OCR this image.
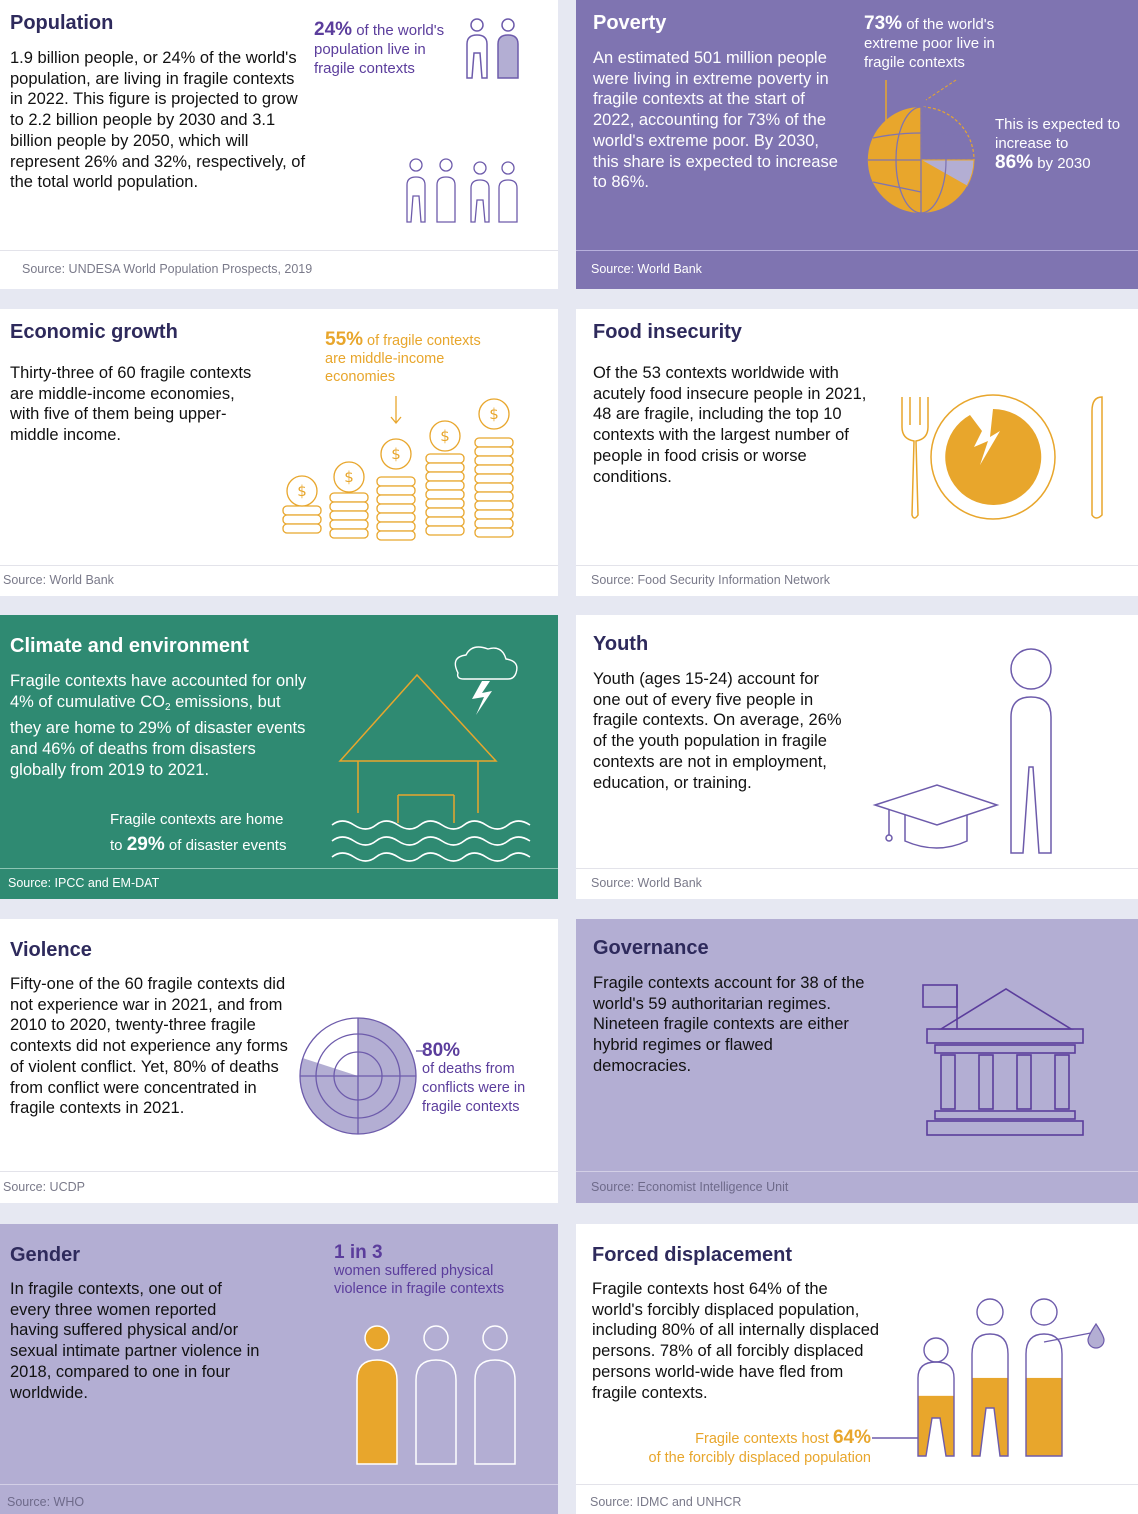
Population
1.9 billion people, or 24% of the world's population, are living in fragile contexts in 2022. This figure is projected to grow to 2.2 billion people by 2030 and 3.1 billion people by 2050, which will represent 26% and 32%, respectively, of the total world population.
24% of the world's population live in fragile contexts
Source: UNDESA World Population Prospects, 2019
Poverty
An estimated 501 million people were living in extreme poverty in fragile contexts at the start of 2022, accounting for 73% of the world's extreme poor. By 2030, this share is expected to increase to 86%.
73% of the world's extreme poor live in fragile contexts
This is expected to increase to
86% by 2030
Source: World Bank
Economic growth
Thirty-three of 60 fragile contexts are middle-income economies, with five of them being upper-middle income.
55% of fragile contexts are middle-income economies
$
$
$
$
$
Source: World Bank
Food insecurity
Of the 53 contexts worldwide with acutely food insecure people in 2021, 48 are fragile, including the top 10 contexts with the largest number of people in food crisis or worse conditions.
Source: Food Security Information Network
Climate and environment
Fragile contexts have accounted for only 4% of cumulative $CO_2$ emissions, but they are home to 29% of disaster events and 46% of deaths from disasters globally from 2019 to 2021.
Fragile contexts are home
to 29% of disaster events
Source: IPCC and EM-DAT
Youth
Youth (ages 15-24) account for one out of every five people in fragile contexts. On average, 26% of the youth population in fragile contexts are not in employment, education, or training.
Source: World Bank
Violence
Fifty-one of the 60 fragile contexts did not experience war in 2021, and from 2010 to 2020, twenty-three fragile contexts did not experience any forms of violent conflict. Yet, 80% of deaths from conflict were concentrated in fragile contexts in 2021.
80%
of deaths from conflicts were in fragile contexts
Source: UCDP
Governance
Fragile contexts account for 38 of the world's 59 authoritarian regimes. Nineteen fragile contexts are either hybrid regimes or flawed democracies.
Source: Economist Intelligence Unit
Gender
In fragile contexts, one out of every three women reported having suffered physical and/or sexual intimate partner violence in 2018, compared to one in four worldwide.
1 in 3
women suffered physical violence in fragile contexts
Source: WHO
Forced displacement
Fragile contexts host 64% of the world's forcibly displaced population, including 80% of all internally displaced persons. 78% of all forcibly displaced persons world-wide have fled from fragile contexts.
Fragile contexts host 64%
of the forcibly displaced population
Source: IDMC and UNHCR
